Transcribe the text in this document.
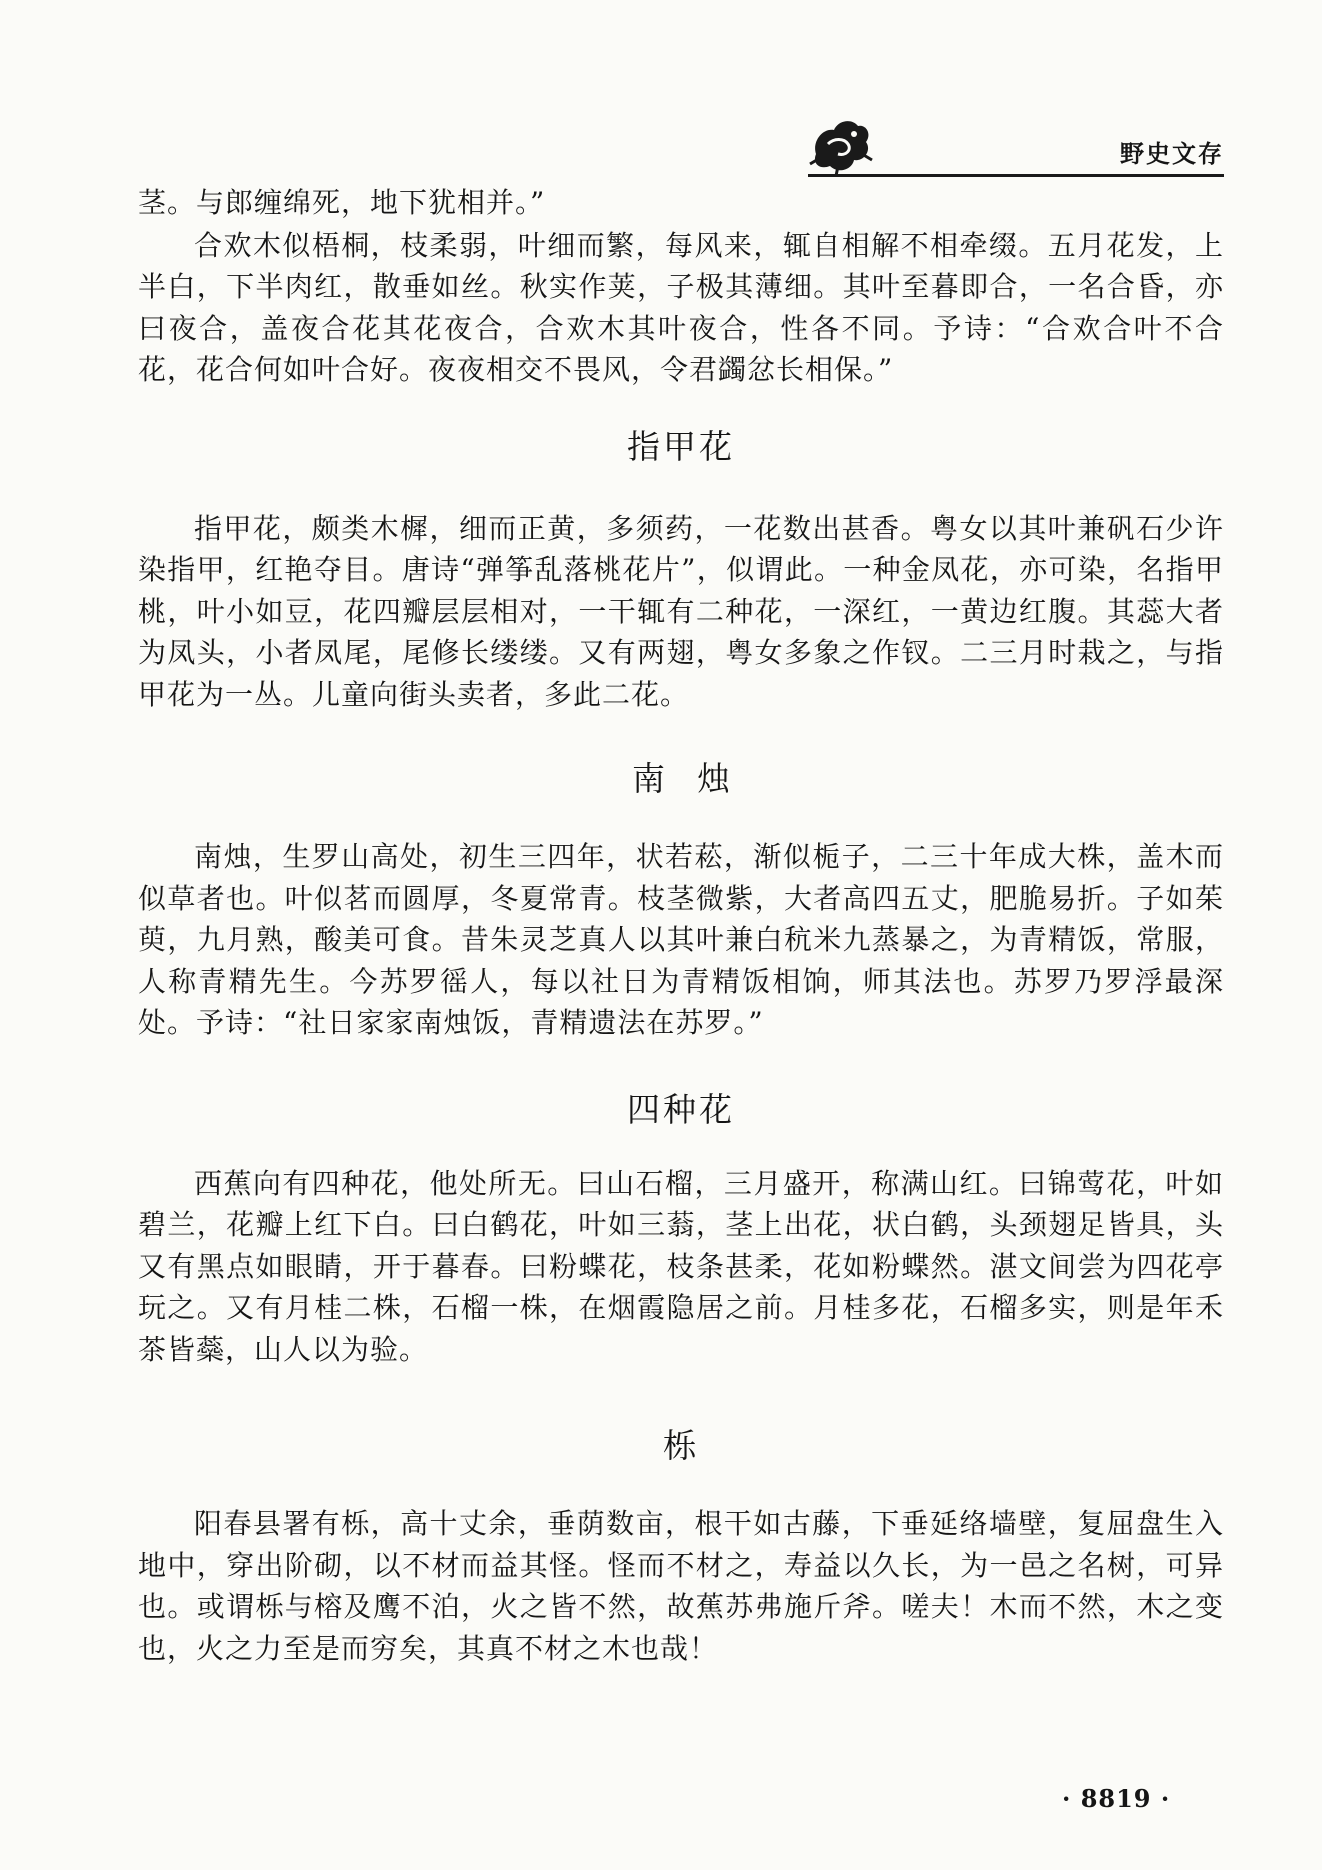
野史文存

茎。与郎缠绵死，地下犹相并。”

合欢木似梧桐，枝柔弱，叶细而繁，每风来，辄自相解不相牵缀。五月花发，上半白，下半肉红，散垂如丝。秋实作荚，子极其薄细。其叶至暮即合，一名合昏，亦曰夜合，盖夜合花其花夜合，合欢木其叶夜合，性各不同。予诗：“合欢合叶不合花，花合何如叶合好。夜夜相交不畏风，令君蠲忿长相保。”

指甲花

指甲花，颇类木樨，细而正黄，多须药，一花数出甚香。粤女以其叶兼矾石少许染指甲，红艳夺目。唐诗“弹筝乱落桃花片”，似谓此。一种金凤花，亦可染，名指甲桃，叶小如豆，花四瓣层层相对，一干辄有二种花，一深红，一黄边红腹。其蕊大者为凤头，小者凤尾，尾修长缕缕。又有两翅，粤女多象之作钗。二三月时栽之，与指甲花为一丛。儿童向街头卖者，多此二花。

南烛

南烛，生罗山高处，初生三四年，状若菘，渐似栀子，二三十年成大株，盖木而似草者也。叶似茗而圆厚，冬夏常青。枝茎微紫，大者高四五丈，肥脆易折。子如茱萸，九月熟，酸美可食。昔朱灵芝真人以其叶兼白秔米九蒸暴之，为青精饭，常服，人称青精先生。今苏罗徭人，每以社日为青精饭相饷，师其法也。苏罗乃罗浮最深处。予诗：“社日家家南烛饭，青精遗法在苏罗。”

四种花

西蕉向有四种花，他处所无。曰山石榴，三月盛开，称满山红。曰锦莺花，叶如碧兰，花瓣上红下白。曰白鹤花，叶如三蓊，茎上出花，状白鹤，头颈翅足皆具，头又有黑点如眼睛，开于暮春。曰粉蝶花，枝条甚柔，花如粉蝶然。湛文间尝为四花亭玩之。又有月桂二株，石榴一株，在烟霞隐居之前。月桂多花，石榴多实，则是年禾茶皆蘂，山人以为验。

栎

阳春县署有栎，高十丈余，垂荫数亩，根干如古藤，下垂延络墙壁，复屈盘生入地中，穿出阶砌，以不材而益其怪。怪而不材之，寿益以久长，为一邑之名树，可异也。或谓栎与榕及鹰不泊，火之皆不然，故蕉苏弗施斤斧。嗟夫！木而不然，木之变也，火之力至是而穷矣，其真不材之木也哉！

· 8819 ·
